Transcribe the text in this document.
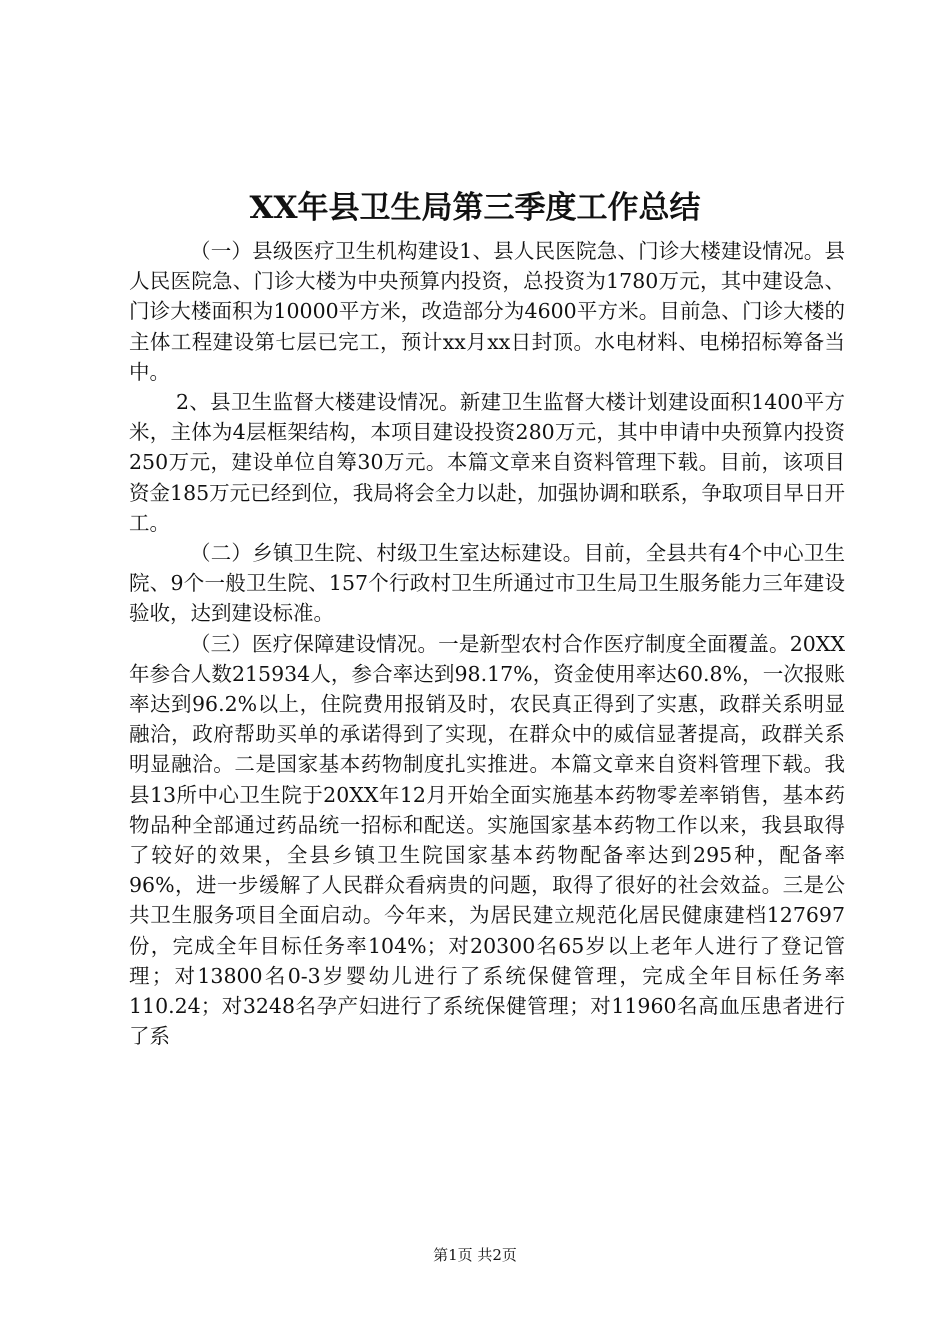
XX年县卫生局第三季度工作总结

（一）县级医疗卫生机构建设1、县人民医院急、门诊大楼建设情况。县人民医院急、门诊大楼为中央预算内投资，总投资为1780万元，其中建设急、门诊大楼面积为10000平方米，改造部分为4600平方米。目前急、门诊大楼的主体工程建设第七层已完工，预计xx月xx日封顶。水电材料、电梯招标筹备当中。

2、县卫生监督大楼建设情况。新建卫生监督大楼计划建设面积1400平方米，主体为4层框架结构，本项目建设投资280万元，其中申请中央预算内投资250万元，建设单位自筹30万元。本篇文章来自资料管理下载。目前，该项目资金185万元已经到位，我局将会全力以赴，加强协调和联系，争取项目早日开工。

（二）乡镇卫生院、村级卫生室达标建设。目前，全县共有4个中心卫生院、9个一般卫生院、157个行政村卫生所通过市卫生局卫生服务能力三年建设验收，达到建设标准。

（三）医疗保障建设情况。一是新型农村合作医疗制度全面覆盖。20XX年参合人数215934人，参合率达到98.17%，资金使用率达60.8%，一次报账率达到96.2%以上，住院费用报销及时，农民真正得到了实惠，政群关系明显融洽，政府帮助买单的承诺得到了实现，在群众中的威信显著提高，政群关系明显融洽。二是国家基本药物制度扎实推进。本篇文章来自资料管理下载。我县13所中心卫生院于20XX年12月开始全面实施基本药物零差率销售，基本药物品种全部通过药品统一招标和配送。实施国家基本药物工作以来，我县取得了较好的效果，全县乡镇卫生院国家基本药物配备率达到295种，配备率96%，进一步缓解了人民群众看病贵的问题，取得了很好的社会效益。三是公共卫生服务项目全面启动。今年来，为居民建立规范化居民健康建档127697份，完成全年目标任务率104%；对20300名65岁以上老年人进行了登记管理；对13800名0-3岁婴幼儿进行了系统保健管理，完成全年目标任务率110.24；对3248名孕产妇进行了系统保健管理；对11960名高血压患者进行了系

第1页 共2页
